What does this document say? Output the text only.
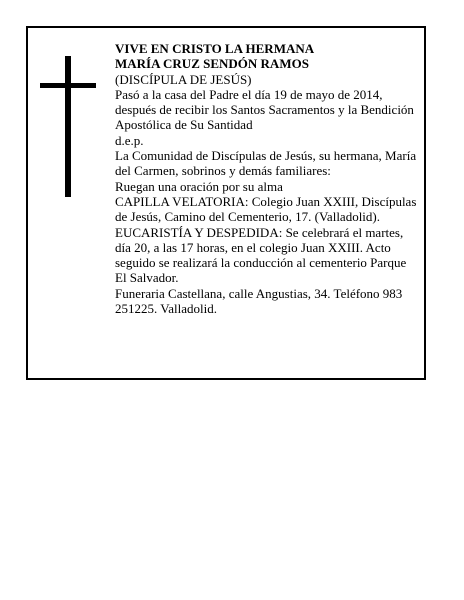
VIVE EN CRISTO LA HERMANA

MARÍA CRUZ SENDÓN RAMOS

(DISCÍPULA DE JESÚS)

Pasó a la casa del Padre el día 19 de mayo de 2014, después de recibir los Santos Sacramentos y la Bendición Apostólica de Su Santidad

d.e.p.

La Comunidad de Discípulas de Jesús, su hermana, María del Carmen, sobrinos y demás familiares:

Ruegan una oración por su alma

CAPILLA VELATORIA: Colegio Juan XXIII, Discípulas de Jesús, Camino del Cementerio, 17. (Valladolid).

EUCARISTÍA Y DESPEDIDA: Se celebrará el martes, día 20, a las 17 horas, en el colegio Juan XXIII. Acto seguido se realizará la conducción al cementerio Parque El Salvador.

Funeraria Castellana, calle Angustias, 34. Teléfono 983 251225. Valladolid.
